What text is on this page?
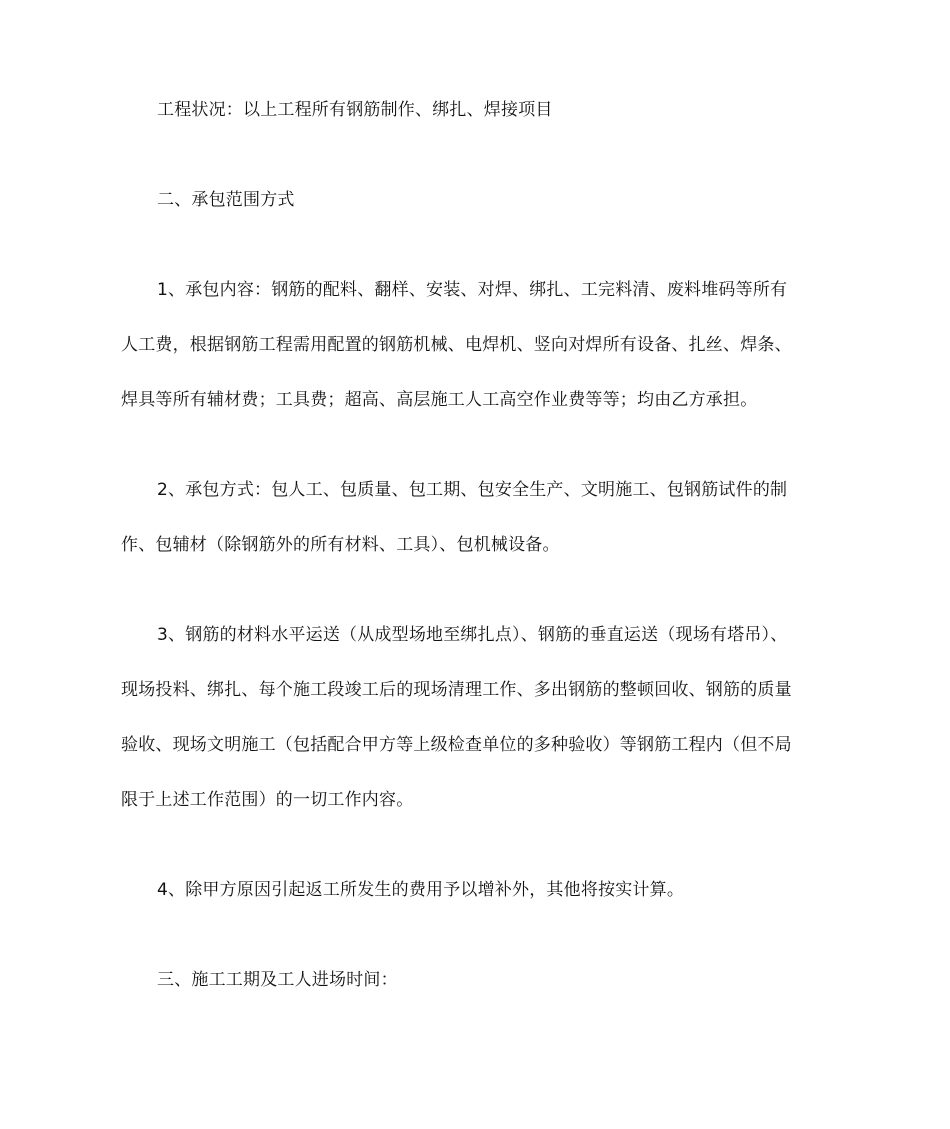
工程状况：以上工程所有钢筋制作、绑扎、焊接项目
二、承包范围方式
1、承包内容：钢筋的配料、翻样、安装、对焊、绑扎、工完料清、废料堆码等所有
人工费，根据钢筋工程需用配置的钢筋机械、电焊机、竖向对焊所有设备、扎丝、焊条、
焊具等所有辅材费；工具费；超高、高层施工人工高空作业费等等；均由乙方承担。
2、承包方式：包人工、包质量、包工期、包安全生产、文明施工、包钢筋试件的制
作、包辅材（除钢筋外的所有材料、工具）、包机械设备。
3、钢筋的材料水平运送（从成型场地至绑扎点）、钢筋的垂直运送（现场有塔吊）、
现场投料、绑扎、每个施工段竣工后的现场清理工作、多出钢筋的整顿回收、钢筋的质量
验收、现场文明施工（包括配合甲方等上级检查单位的多种验收）等钢筋工程内（但不局
限于上述工作范围）的一切工作内容。
4、除甲方原因引起返工所发生的费用予以增补外，其他将按实计算。
三、施工工期及工人进场时间：
